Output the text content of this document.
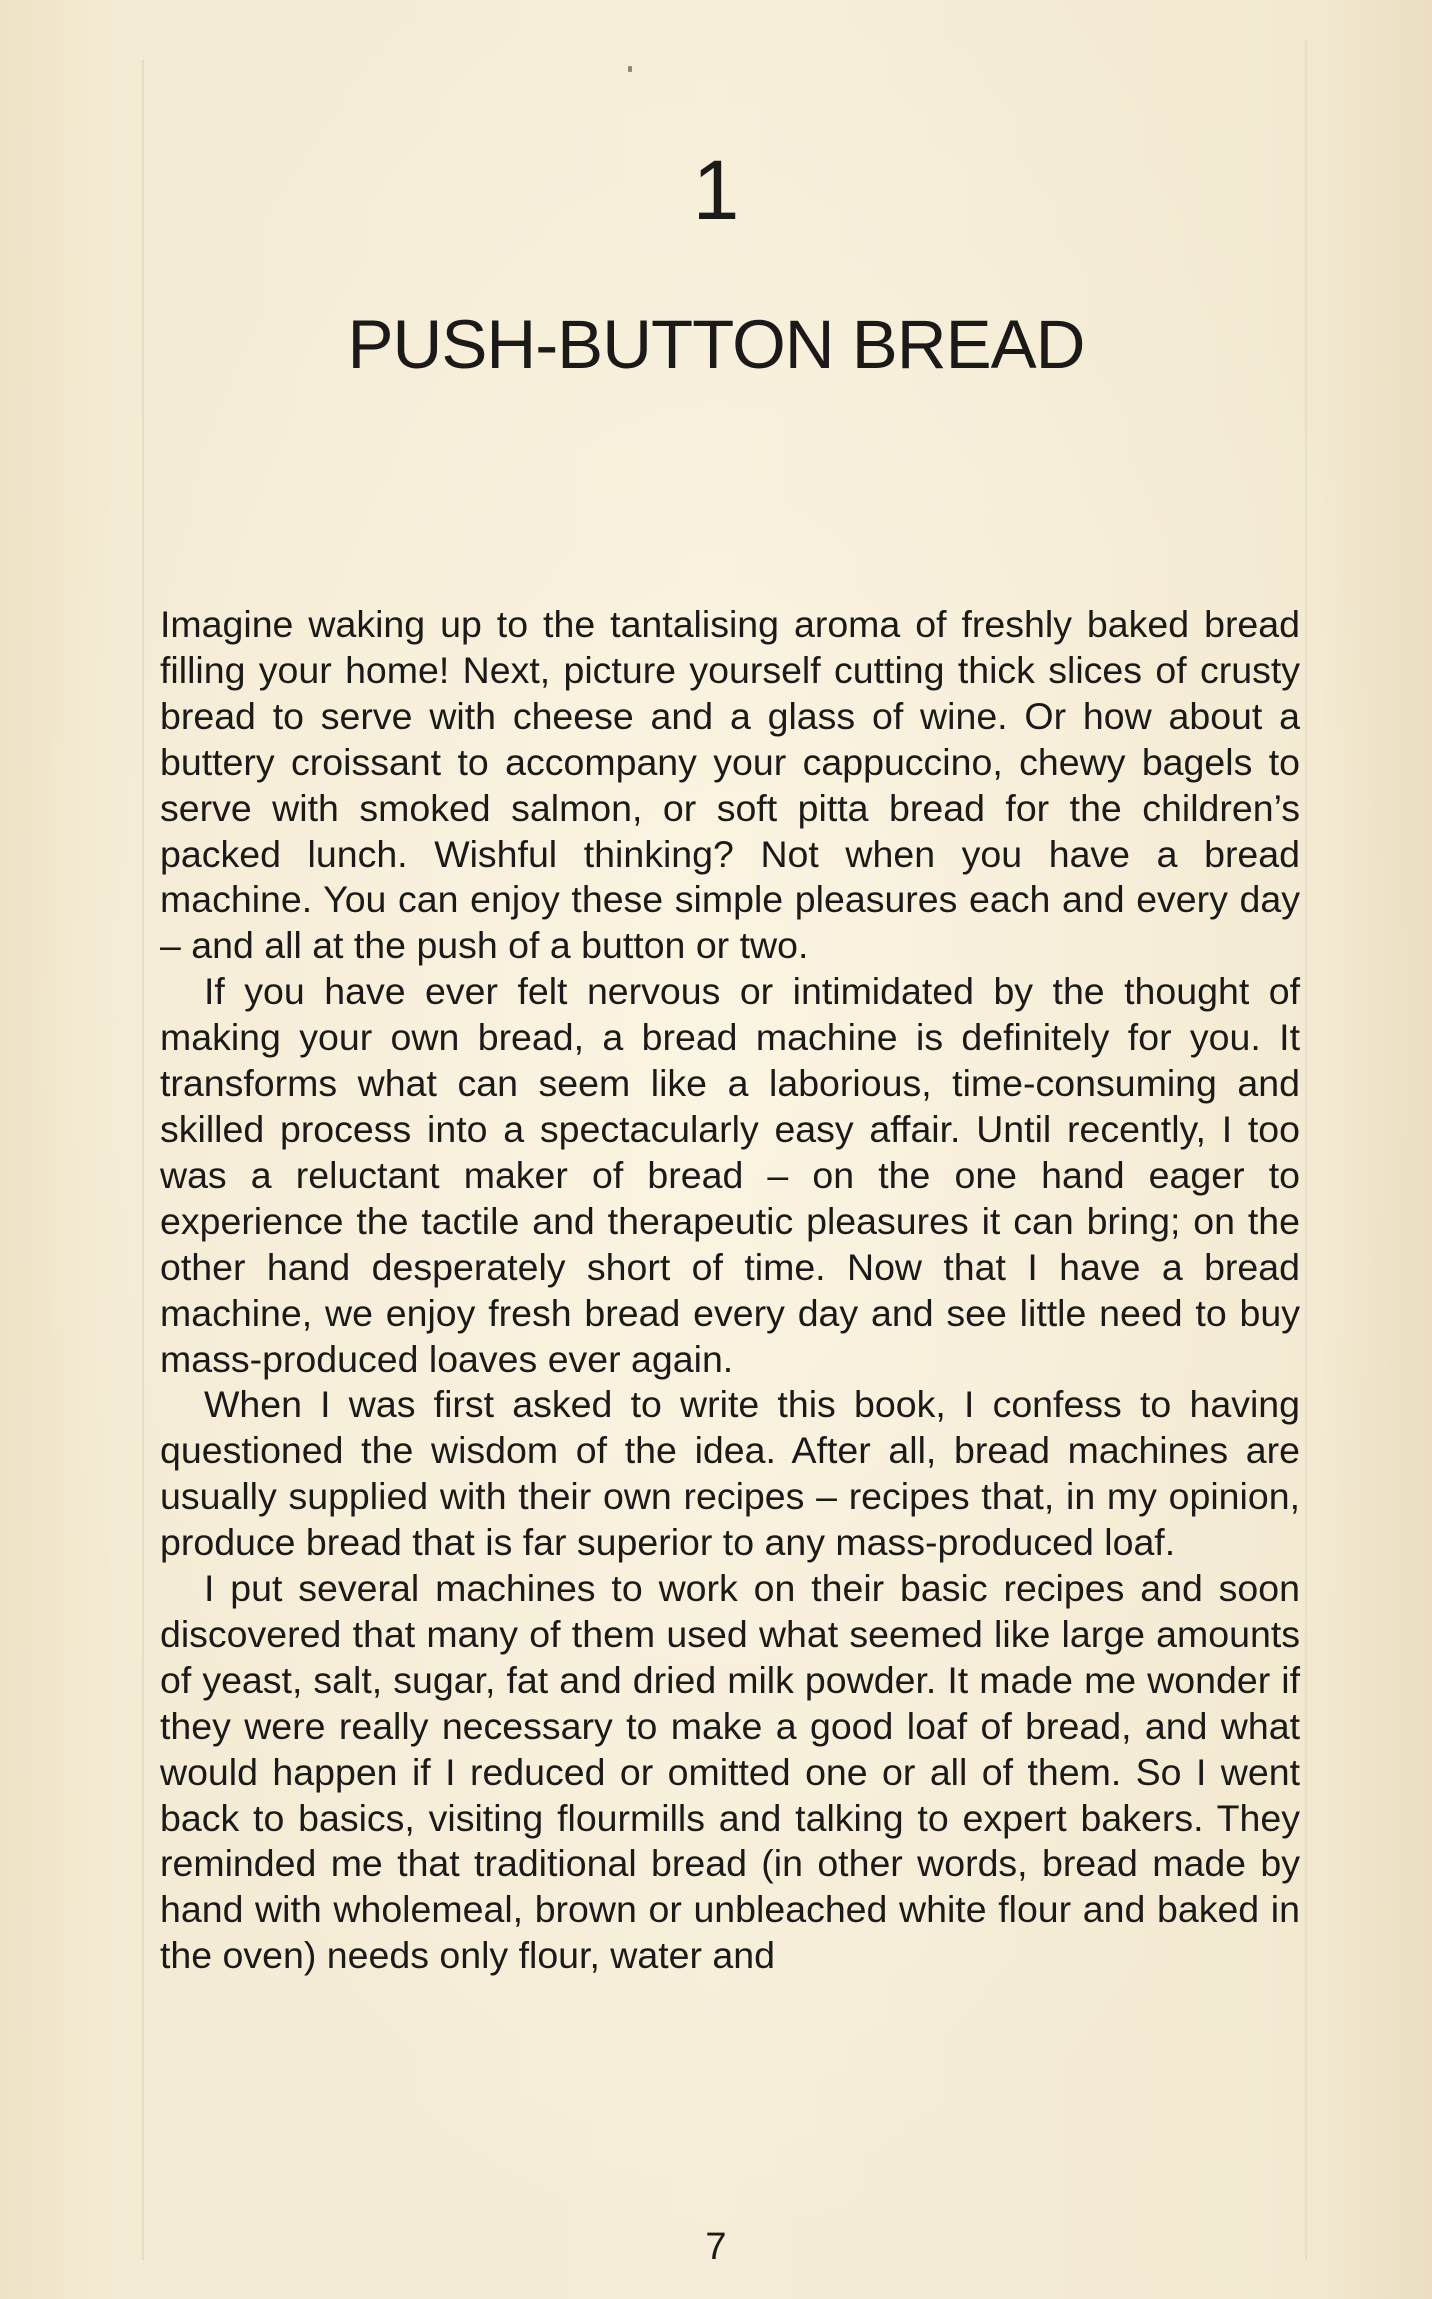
1
PUSH-BUTTON BREAD

Imagine waking up to the tantalising aroma of freshly baked bread filling your home! Next, picture yourself cutting thick slices of crusty bread to serve with cheese and a glass of wine. Or how about a buttery croissant to accompany your cappuccino, chewy bagels to serve with smoked salmon, or soft pitta bread for the children’s packed lunch. Wishful thinking? Not when you have a bread machine. You can enjoy these simple pleasures each and every day – and all at the push of a button or two.

If you have ever felt nervous or intimidated by the thought of making your own bread, a bread machine is definitely for you. It transforms what can seem like a laborious, time-consuming and skilled process into a spectacularly easy affair. Until recently, I too was a reluctant maker of bread – on the one hand eager to experience the tactile and therapeutic pleasures it can bring; on the other hand desperately short of time. Now that I have a bread machine, we enjoy fresh bread every day and see little need to buy mass-produced loaves ever again.

When I was first asked to write this book, I confess to having questioned the wisdom of the idea. After all, bread machines are usually supplied with their own recipes – recipes that, in my opinion, produce bread that is far superior to any mass-produced loaf.

I put several machines to work on their basic recipes and soon discovered that many of them used what seemed like large amounts of yeast, salt, sugar, fat and dried milk powder. It made me wonder if they were really necessary to make a good loaf of bread, and what would happen if I reduced or omitted one or all of them. So I went back to basics, visiting flourmills and talking to expert bakers. They reminded me that traditional bread (in other words, bread made by hand with wholemeal, brown or unbleached white flour and baked in the oven) needs only flour, water and

7
